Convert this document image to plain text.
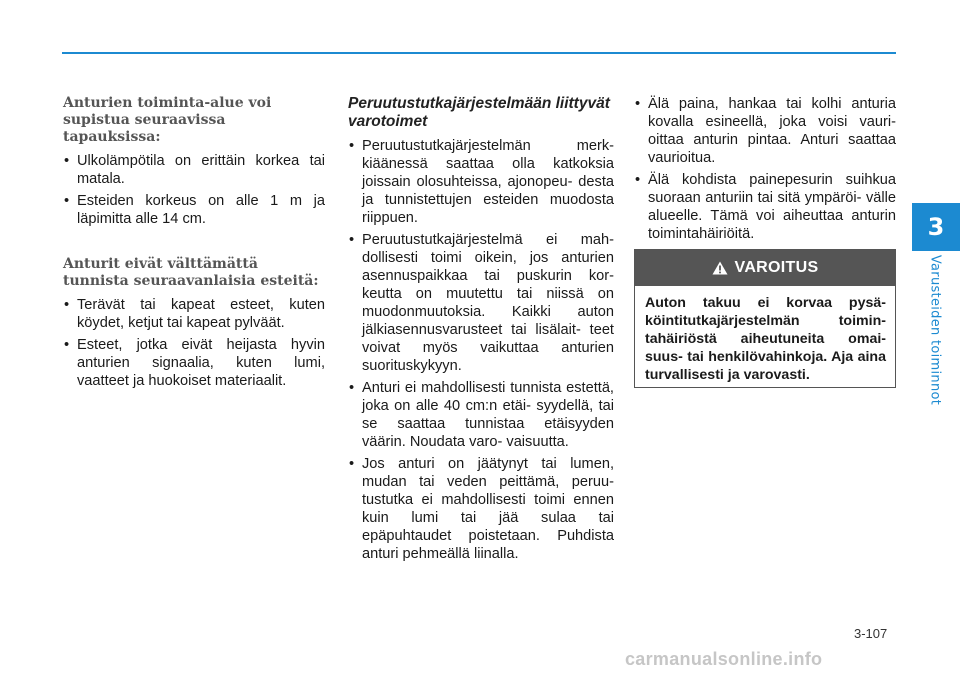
3
Varusteiden toiminnot
Anturien toiminta-alue voi supistua seuraavissa tapauksissa:
• Ulkolämpötila on erittäin korkea tai matala.
• Esteiden korkeus on alle 1 m ja läpimitta alle 14 cm.
Anturit eivät välttämättä tunnista seuraavanlaisia esteitä:
• Terävät tai kapeat esteet, kuten köydet, ketjut tai kapeat pylväät.
• Esteet, jotka eivät heijasta hyvin anturien signaalia, kuten lumi, vaatteet ja huokoiset materiaalit.
Peruutustutkajärjestelmään liittyvät varotoimet
• Peruutustutkajärjestelmän merk- kiäänessä saattaa olla katkoksia joissain olosuhteissa, ajonopeu- desta ja tunnistettujen esteiden muodosta riippuen.
• Peruutustutkajärjestelmä ei mah- dollisesti toimi oikein, jos anturien asennuspaikkaa tai puskurin kor- keutta on muutettu tai niissä on muodonmuutoksia. Kaikki auton jälkiasennusvarusteet tai lisälait- teet voivat myös vaikuttaa anturien suorituskykyyn.
• Anturi ei mahdollisesti tunnista estettä, joka on alle 40 cm:n etäi- syydellä, tai se saattaa tunnistaa etäisyyden väärin. Noudata varo- vaisuutta.
• Jos anturi on jäätynyt tai lumen, mudan tai veden peittämä, peruu- tustutka ei mahdollisesti toimi ennen kuin lumi tai jää sulaa tai epäpuhtaudet poistetaan. Puhdista anturi pehmeällä liinalla.
• Älä paina, hankaa tai kolhi anturia kovalla esineellä, joka voisi vauri- oittaa anturin pintaa. Anturi saattaa vaurioitua.
• Älä kohdista painepesurin suihkua suoraan anturiin tai sitä ympäröi- välle alueelle. Tämä voi aiheuttaa anturin toimintahäiriöitä.
VAROITUS
Auton takuu ei korvaa pysä- köintitutkajärjestelmän toimin- tahäiriöstä aiheutuneita omai- suus- tai henkilövahinkoja. Aja aina turvallisesti ja varovasti.
3-107
carmanualsonline.info
